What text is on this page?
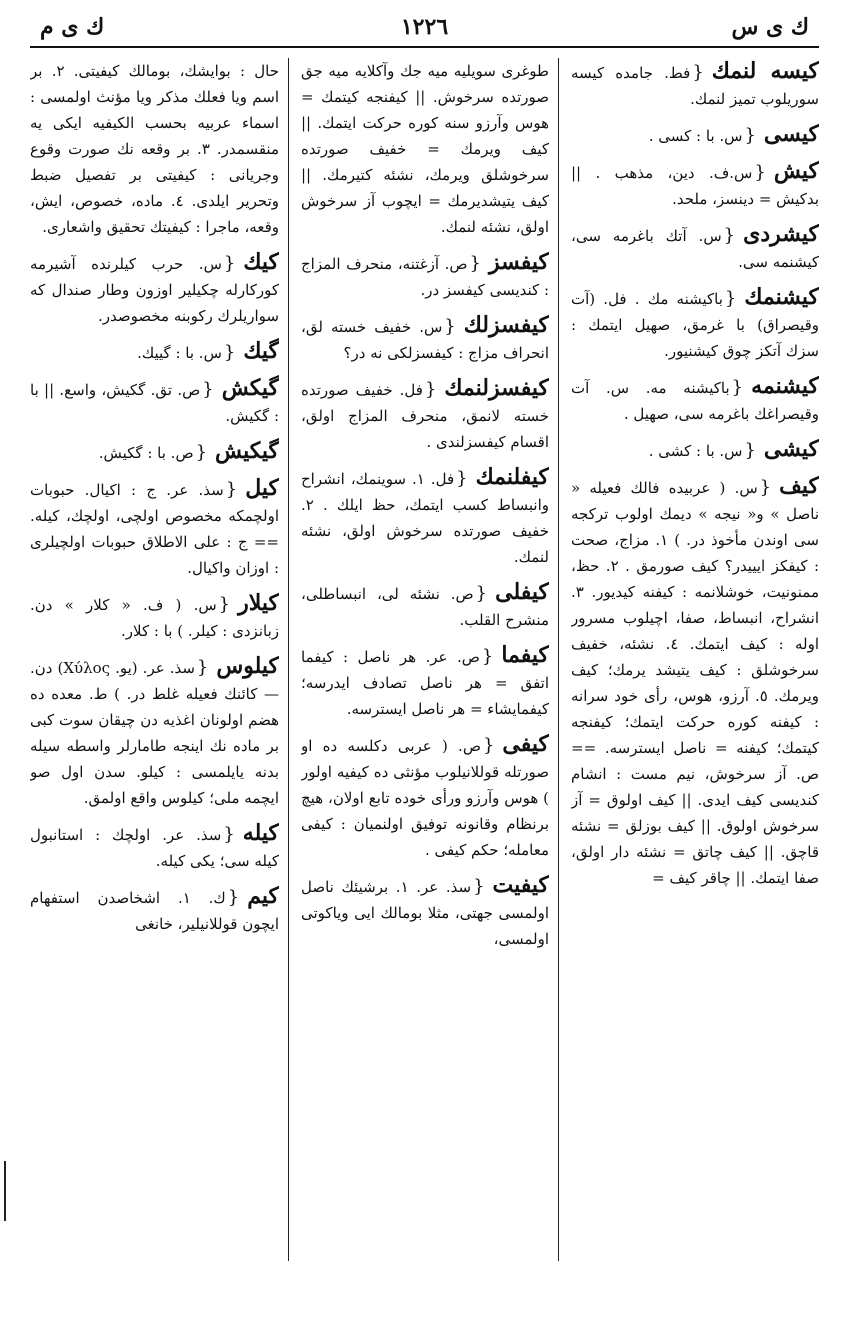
ك ى س
١٢٢٦
ك ى م

كيسه لنمك{فط. جامده كيسه سوريلوب تميز لنمك.

كيسى{س. با : كسى .

كيش{س.ف. دين، مذهب . || بدكيش = دينسز، ملحد.

كيشردى{س. آتك باغرمه سى، كيشنمه سى.

كيشنمك{باكيشنه مك . فل. (آت وقيصراق) با غرمق، صهيل ايتمك : سزك آتكز چوق كيشنيور.

كيشنمه{باكيشنه مه. س. آت وقيصراغك باغرمه سى، صهيل .

كيشى{س. با : كشى .

كيف{س. ( عربيده فالك فعيله « ناصل » و« نيجه » ديمك اولوب تركجه سى اوندن مأخوذ در. ) ١. مزاج، صحت : كيفكز ايييدر؟ كيف صورمق . ٢. حظ، ممنونيت، خوشلانمه : كيفنه كيديور. ٣. انشراح، انبساط، صفا، اچيلوب مسرور اوله : كيف ايتمك. ٤. نشئه، خفيف سرخوشلق : كيف يتيشد يرمك؛ كيف ويرمك. ٥. آرزو، هوس، رأى خود سرانه : كيفنه كوره حركت ايتمك؛ كيفنجه كيتمك؛ كيفنه = ناصل ايسترسه. == ص. آز سرخوش، نيم مست : انشام كنديسى كيف ايدى. || كيف اولوق = آز سرخوش اولوق. || كيف بوزلق = نشئه قاچق. || كيف چاتق = نشئه دار اولق، صفا ايتمك. || چاقر كيف =

طوغرى سويليه ميه جك وآكلايه ميه جق صورتده سرخوش. || كيفنجه كيتمك = هوس وآرزو سنه كوره حركت ايتمك. || كيف ويرمك = خفيف صورتده سرخوشلق ويرمك، نشئه كتيرمك. || كيف يتيشديرمك = ايچوب آز سرخوش اولق، نشئه لنمك.

كيفسز{ص. آزغتنه، منحرف المزاج : كنديسى كيفسز در.

كيفسزلك{س. خفيف خسته لق، انحراف مزاج : كيفسزلكى نه در؟

كيفسزلنمك{فل. خفيف صورتده خسته لانمق، منحرف المزاج اولق، اقسام كيفسزلندى .

كيفلنمك{فل. ١. سوينمك، انشراح وانبساط كسب ايتمك، حظ ايلك . ٢. خفيف صورتده سرخوش اولق، نشئه لنمك.

كيفلى{ص. نشئه لى، انبساطلى، منشرح القلب.

كيفما{ص. عر. هر ناصل : كيفما اتفق = هر ناصل تصادف ايدرسه؛ كيفمايشاء = هر ناصل ايسترسه.

كيفى{ص. ( عربى دكلسه ده او صورتله قوللانيلوب مؤنثى ده كيفيه اولور ) هوس وآرزو ورأى خوده تابع اولان، هيچ برنظام وقانونه توفيق اولنميان : كيفى معامله؛ حكم كيفى .

كيفيت{سذ. عر. ١. برشيئك ناصل اولمسى جهتى، مثلا بومالك ايى وياكوتى اولمسى،

حال : بوايشك، بومالك كيفيتى. ٢. بر اسم ويا فعلك مذكر ويا مؤنث اولمسى : اسماء عربيه بحسب الكيفيه ايكى يه منقسمدر. ٣. بر وقعه نك صورت وقوع وجريانى : كيفيتى بر تفصيل ضبط وتحرير ايلدى. ٤. ماده، خصوص، ايش، وقعه، ماجرا : كيفيتك تحقيق واشعارى.

كيك{س. حرب كيلرنده آشيرمه كوركارله چكيلير اوزون وطار صندال كه سواريلرك ركوبنه مخصوصدر.

گيك{س. با : گييك.

گيكش{ص. تق. گكيش، واسع. || با : گكيش.

گيكيش{ص. با : گكيش.

كيل{سذ. عر. ج : اكيال. حبوبات اولچمكه مخصوص اولچى، اولچك، كيله. == ج : على الاطلاق حبوبات اولچيلرى : اوزان واكيال.

كيلار{س. ( ف. « كلار » دن. زبانزدى : كيلر. ) با : كلار.

كيلوس{سذ. عر. (يو. Χύλος) دن. — كائنك فعيله غلط در. ) ط. معده ده هضم اولونان اغذيه دن چيقان سوت كبى بر ماده نك اينجه طامارلر واسطه سيله بدنه يايلمسى : كيلو. سدن اول صو ايچمه ملى؛ كيلوس واقع اولمق.

كيله{سذ. عر. اولچك : استانبول كيله سى؛ يكى كيله.

كيم{ك. ١. اشخاصدن استفهام ايچون قوللانيلير، خانغى
